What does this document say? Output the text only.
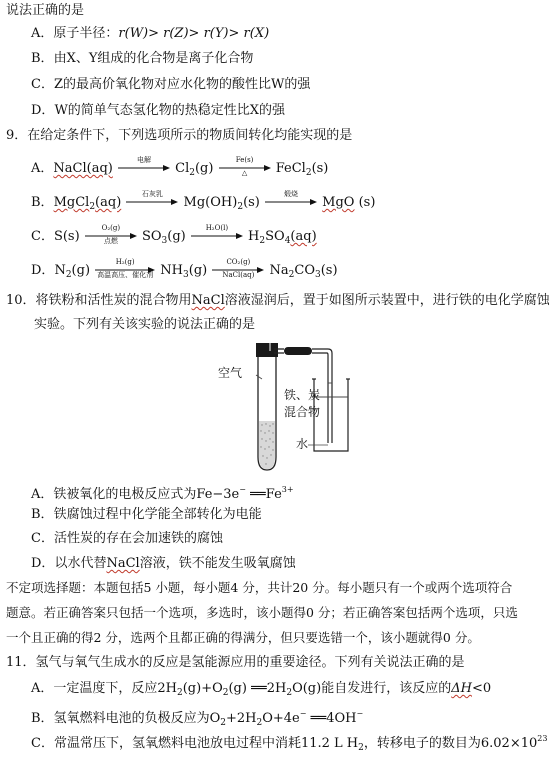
说法正确的是
A．原子半径：r(W)> r(Z)> r(Y)> r(X)
B．由X、Y组成的化合物是离子化合物
C．Z的最高价氧化物对应水化物的酸性比W的强
D．W的简单气态氢化物的热稳定性比X的强
9．在给定条件下，下列选项所示的物质间转化均能实现的是
A．NaCl(aq)
电解
$Cl_2(g)$
Fe(s)
△	FeCl$_2$(s)
B．MgCl$_2$(aq)
石灰乳
$Mg(OH)_2(s)$
煅烧
MgO (s)
C．S(s)
O₂(g)
点燃	$SO_3(g)$
H₂O(l)
$H_2SO_4(aq)$
D．$N_2(g)$
H₂(g)
高温高压、催化剂 $NH_3(g)$
CO₂(g)
NaCl(aq)	$Na_2CO_3(s)$
10．将铁粉和活性炭的混合物用NaCl溶液湿润后，置于如图所示装置中，进行铁的电化学腐蚀
实验。下列有关该实验的说法正确的是
空气
铁、炭
混合物
水
A．铁被氧化的电极反应式为Fe−3e− $══Fe^{3+}$
B．铁腐蚀过程中化学能全部转化为电能
C．活性炭的存在会加速铁的腐蚀
D．以水代替NaCl溶液，铁不能发生吸氧腐蚀
不定项选择题：本题包括5 小题，每小题4 分，共计20 分。每小题只有一个或两个选项符合
题意。若正确答案只包括一个选项，多选时，该小题得0 分；若正确答案包括两个选项，只选
一个且正确的得2 分，选两个且都正确的得满分，但只要选错一个，该小题就得0 分。
11．氢气与氧气生成水的反应是氢能源应用的重要途径。下列有关说法正确的是
A．一定温度下，反应$2H_2(g)+O_2(g)$ $══2H_2O(g)$能自发进行，该反应的ΔH<0
B．氢氧燃料电池的负极反应为$O_2+2H_2O+4e^-$ ══4OH−
C．常温常压下，氢氧燃料电池放电过程中消耗11.2 L $H_2$，转移电子的数目为$6.02\times 10^{23}$
